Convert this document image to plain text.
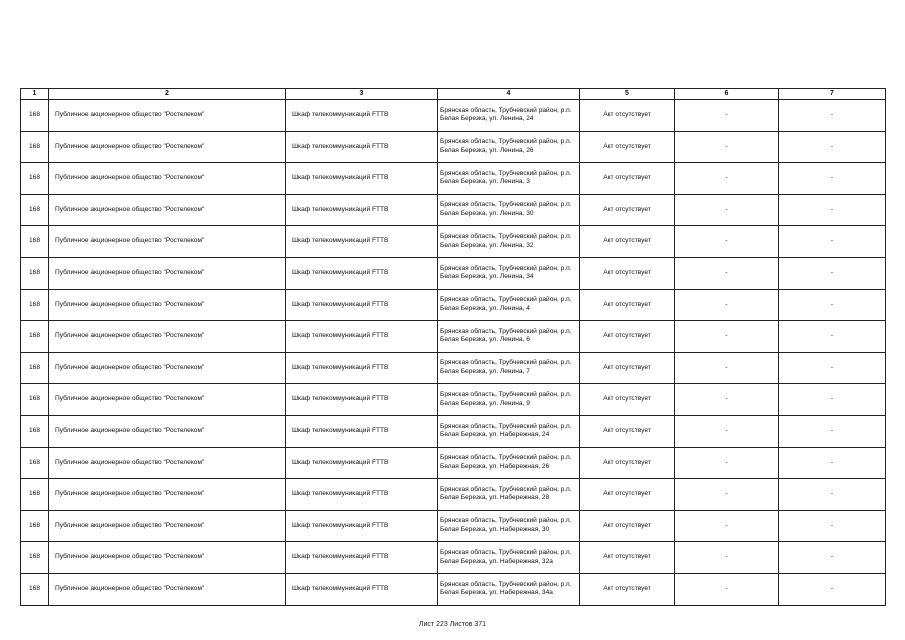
1	2	3	4	5	6	7
168	Публичное акционерное общество "Ростелеком"	Шкаф телекоммуникаций FTTB	Брянская область, Трубчевский район, р.п. Белая Березка, ул. Ленина, 24	Акт отсутствует	-	-
168	Публичное акционерное общество "Ростелеком"	Шкаф телекоммуникаций FTTB	Брянская область, Трубчевский район, р.п. Белая Березка, ул. Ленина, 26	Акт отсутствует	-	-
168	Публичное акционерное общество "Ростелеком"	Шкаф телекоммуникаций FTTB	Брянская область, Трубчевский район, р.п. Белая Березка, ул. Ленина, 3	Акт отсутствует	-	-
168	Публичное акционерное общество "Ростелеком"	Шкаф телекоммуникаций FTTB	Брянская область, Трубчевский район, р.п. Белая Березка, ул. Ленина, 30	Акт отсутствует	-	-
168	Публичное акционерное общество "Ростелеком"	Шкаф телекоммуникаций FTTB	Брянская область, Трубчевский район, р.п. Белая Березка, ул. Ленина, 32	Акт отсутствует	-	-
168	Публичное акционерное общество "Ростелеком"	Шкаф телекоммуникаций FTTB	Брянская область, Трубчевский район, р.п. Белая Березка, ул. Ленина, 34	Акт отсутствует	-	-
168	Публичное акционерное общество "Ростелеком"	Шкаф телекоммуникаций FTTB	Брянская область, Трубчевский район, р.п. Белая Березка, ул. Ленина, 4	Акт отсутствует	-	-
168	Публичное акционерное общество "Ростелеком"	Шкаф телекоммуникаций FTTB	Брянская область, Трубчевский район, р.п. Белая Березка, ул. Ленина, 6	Акт отсутствует	-	-
168	Публичное акционерное общество "Ростелеком"	Шкаф телекоммуникаций FTTB	Брянская область, Трубчевский район, р.п. Белая Березка, ул. Ленина, 7	Акт отсутствует	-	-
168	Публичное акционерное общество "Ростелеком"	Шкаф телекоммуникаций FTTB	Брянская область, Трубчевский район, р.п. Белая Березка, ул. Ленина, 9	Акт отсутствует	-	-
168	Публичное акционерное общество "Ростелеком"	Шкаф телекоммуникаций FTTB	Брянская область, Трубчевский район, р.п. Белая Березка, ул. Набережная, 24	Акт отсутствует	-	-
168	Публичное акционерное общество "Ростелеком"	Шкаф телекоммуникаций FTTB	Брянская область, Трубчевский район, р.п. Белая Березка, ул. Набережная, 26	Акт отсутствует	-	-
168	Публичное акционерное общество "Ростелеком"	Шкаф телекоммуникаций FTTB	Брянская область, Трубчевский район, р.п. Белая Березка, ул. Набережная, 28	Акт отсутствует	-	-
168	Публичное акционерное общество "Ростелеком"	Шкаф телекоммуникаций FTTB	Брянская область, Трубчевский район, р.п. Белая Березка, ул. Набережная, 30	Акт отсутствует	-	-
168	Публичное акционерное общество "Ростелеком"	Шкаф телекоммуникаций FTTB	Брянская область, Трубчевский район, р.п. Белая Березка, ул. Набережная, 32а	Акт отсутствует	-	-
168	Публичное акционерное общество "Ростелеком"	Шкаф телекоммуникаций FTTB	Брянская область, Трубчевский район, р.п. Белая Березка, ул. Набережная, 34а	Акт отсутствует	-	-
Лист 223 Листов 371
